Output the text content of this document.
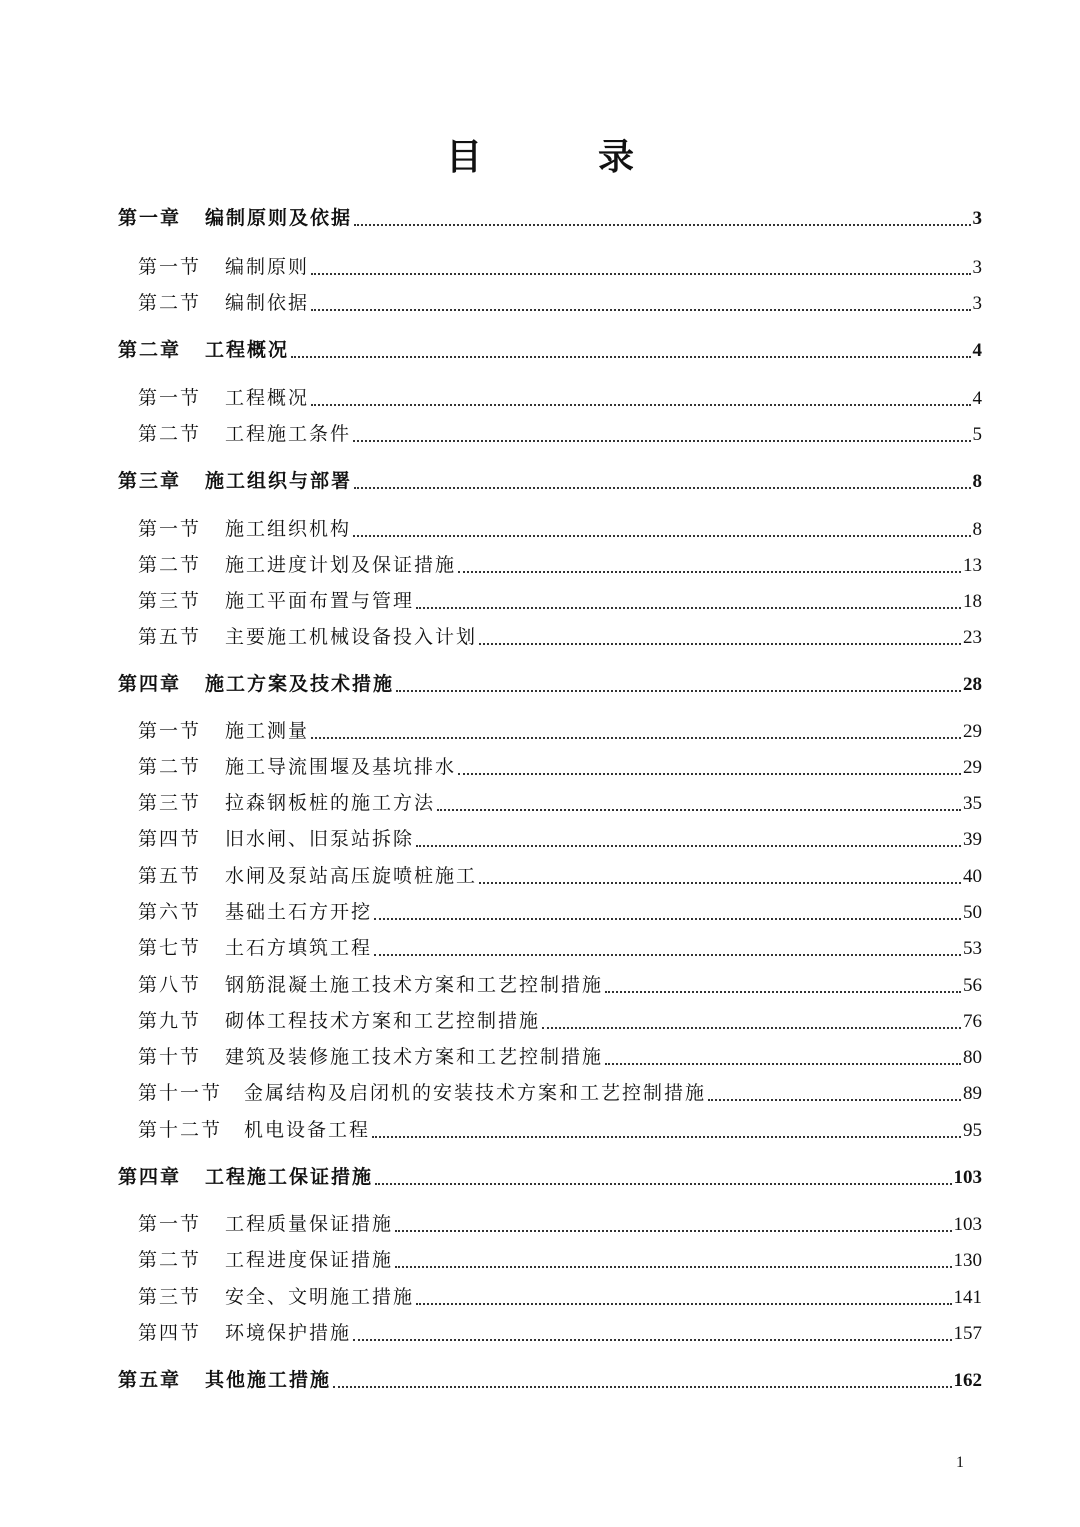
目　录
第一章 编制原则及依据	3
第一节 编制原则	3
第二节 编制依据	3
第二章 工程概况	4
第一节 工程概况	4
第二节 工程施工条件	5
第三章 施工组织与部署	8
第一节 施工组织机构	8
第二节 施工进度计划及保证措施	13
第三节 施工平面布置与管理	18
第五节 主要施工机械设备投入计划	23
第四章 施工方案及技术措施	28
第一节 施工测量	29
第二节 施工导流围堰及基坑排水	29
第三节 拉森钢板桩的施工方法	35
第四节 旧水闸、旧泵站拆除	39
第五节 水闸及泵站高压旋喷桩施工	40
第六节 基础土石方开挖	50
第七节 土石方填筑工程	53
第八节 钢筋混凝土施工技术方案和工艺控制措施	56
第九节 砌体工程技术方案和工艺控制措施	76
第十节 建筑及装修施工技术方案和工艺控制措施	80
第十一节 金属结构及启闭机的安装技术方案和工艺控制措施	89
第十二节 机电设备工程	95
第四章 工程施工保证措施	103
第一节 工程质量保证措施	103
第二节 工程进度保证措施	130
第三节 安全、文明施工措施	141
第四节 环境保护措施	157
第五章 其他施工措施	162
1
